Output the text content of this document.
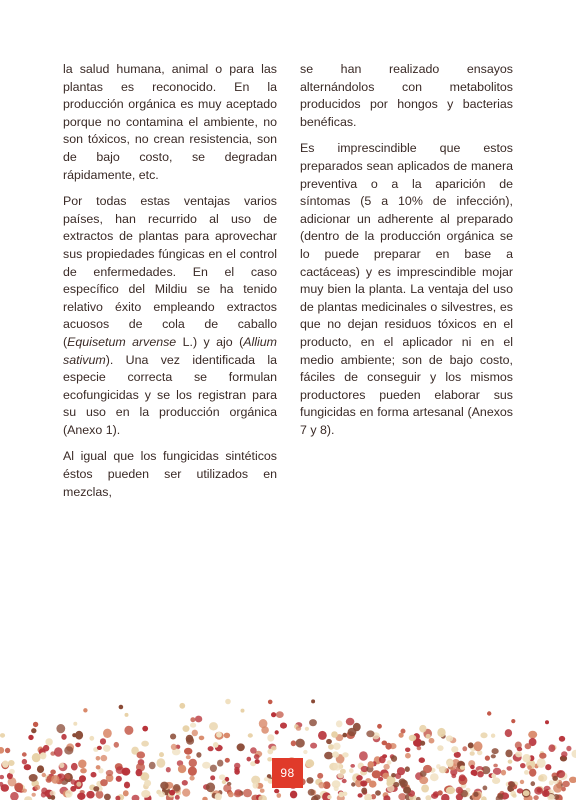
la salud humana, animal o para las plantas es reconocido. En la producción orgánica es muy aceptado porque no contamina el ambiente, no son tóxicos, no crean resistencia, son de bajo costo, se degradan rápidamente, etc.

Por todas estas ventajas varios países, han recurrido al uso de extractos de plantas para aprovechar sus propiedades fúngicas en el control de enfermedades. En el caso específico del Mildiu se ha tenido relativo éxito empleando extractos acuosos de cola de caballo (Equisetum arvense L.) y ajo (Allium sativum). Una vez identificada la especie correcta se formulan ecofungicidas y se los registran para su uso en la producción orgánica (Anexo 1).

Al igual que los fungicidas sintéticos éstos pueden ser utilizados en mezclas,

se han realizado ensayos alternándolos con metabolitos producidos por hongos y bacterias benéficas.

Es imprescindible que estos preparados sean aplicados de manera preventiva o a la aparición de síntomas (5 a 10% de infección), adicionar un adherente al preparado (dentro de la producción orgánica se lo puede preparar en base a cactáceas) y es imprescindible mojar muy bien la planta. La ventaja del uso de plantas medicinales o silvestres, es que no dejan residuos tóxicos en el producto, en el aplicador ni en el medio ambiente; son de bajo costo, fáciles de conseguir y los mismos productores pueden elaborar sus fungicidas en forma artesanal (Anexos 7 y 8).

98
